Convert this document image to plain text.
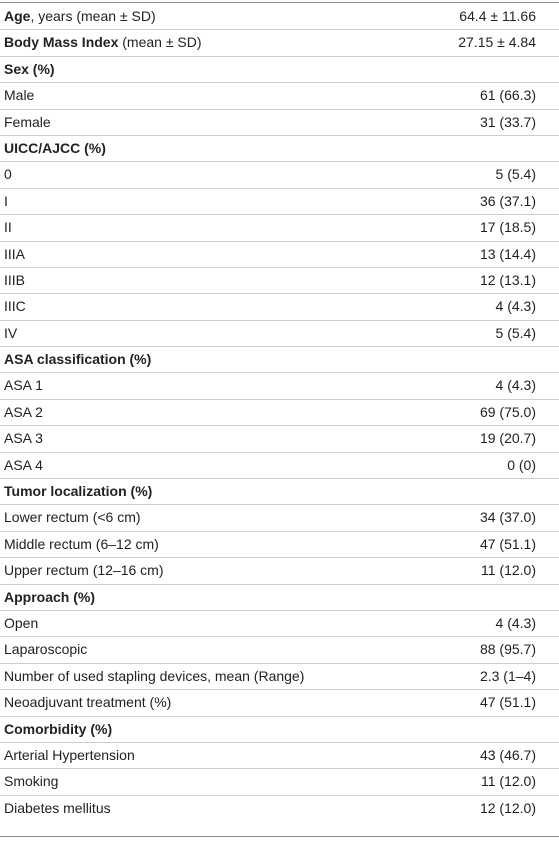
Age, years (mean ± SD)	64.4 ± 11.66
Body Mass Index (mean ± SD)	27.15 ± 4.84
Sex (%)
Male	61 (66.3)
Female	31 (33.7)
UICC/AJCC (%)
0	5 (5.4)
I	36 (37.1)
II	17 (18.5)
IIIA	13 (14.4)
IIIB	12 (13.1)
IIIC	4 (4.3)
IV	5 (5.4)
ASA classification (%)
ASA 1	4 (4.3)
ASA 2	69 (75.0)
ASA 3	19 (20.7)
ASA 4	0 (0)
Tumor localization (%)
Lower rectum (<6 cm)	34 (37.0)
Middle rectum (6–12 cm)	47 (51.1)
Upper rectum (12–16 cm)	11 (12.0)
Approach (%)
Open	4 (4.3)
Laparoscopic	88 (95.7)
Number of used stapling devices, mean (Range)	2.3 (1–4)
Neoadjuvant treatment (%)	47 (51.1)
Comorbidity (%)
Arterial Hypertension	43 (46.7)
Smoking	11 (12.0)
Diabetes mellitus	12 (12.0)
